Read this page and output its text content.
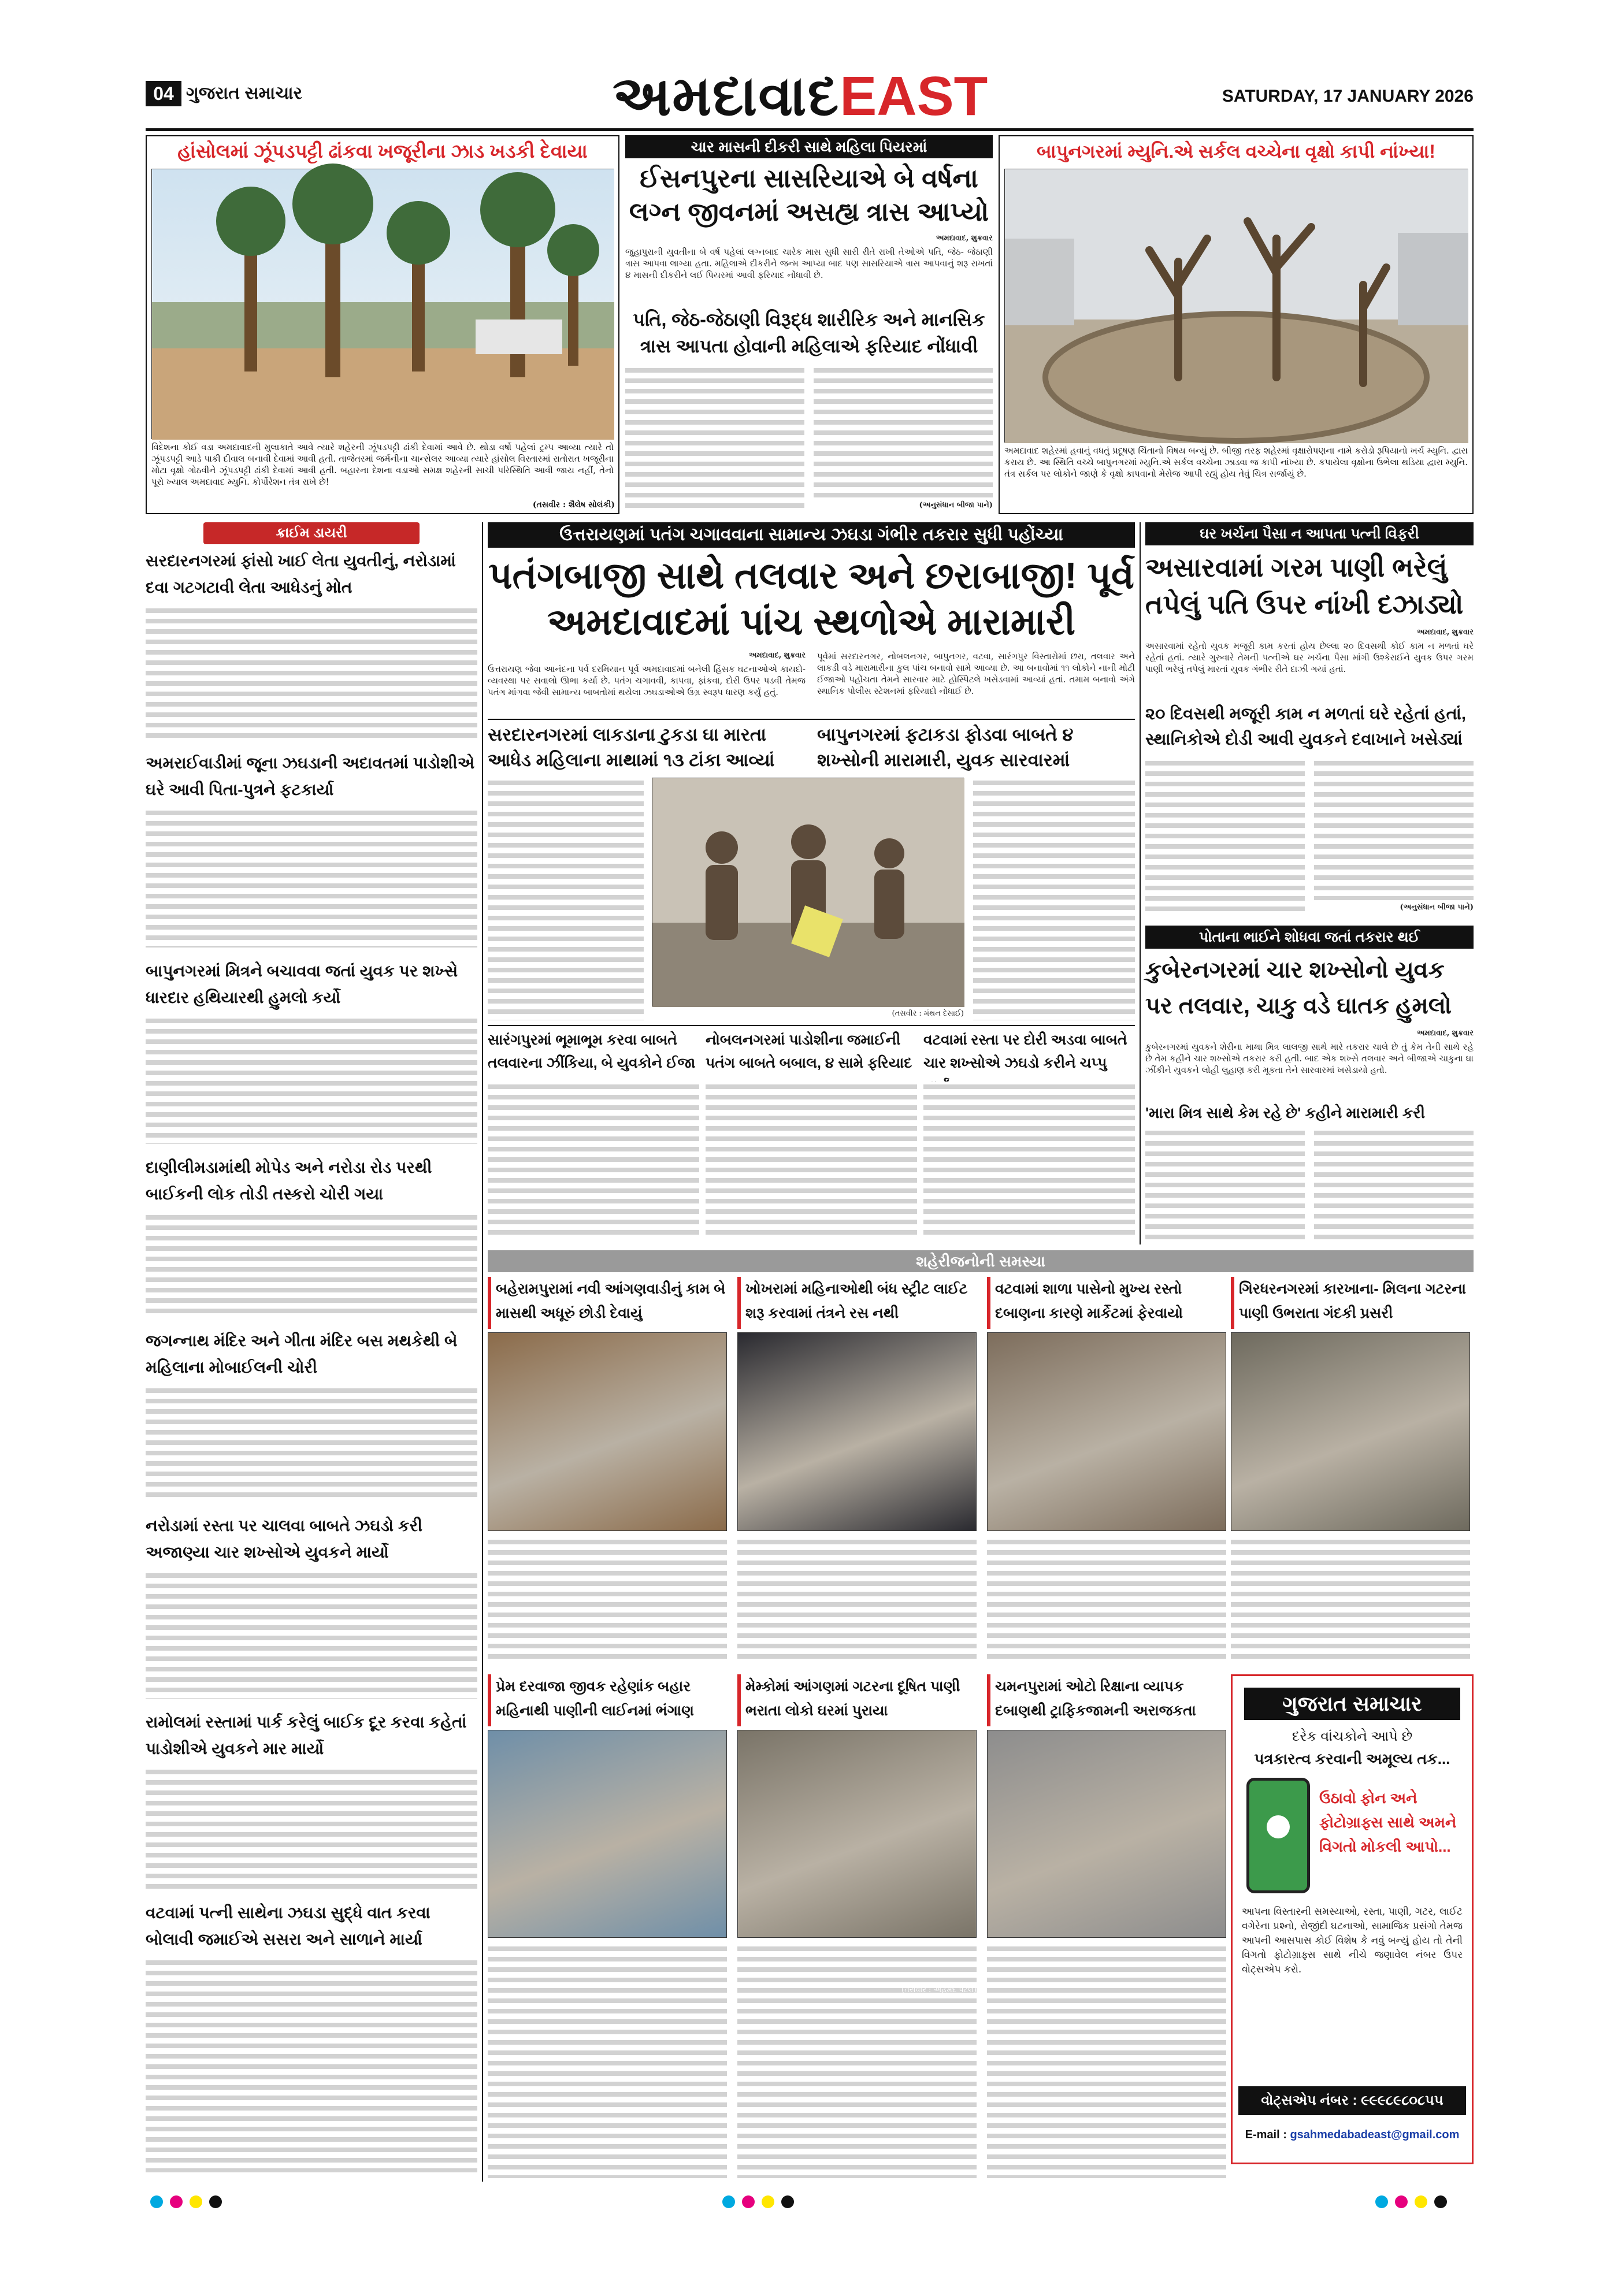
04 ગુજરાત સમાચાર	અમદાવાદEAST	SATURDAY, 17 JANUARY 2026
હાંસોલમાં ઝૂંપડપટ્ટી ઢાંકવા ખજૂરીના ઝાડ ખડકી દેવાયા
વિદેશના કોઈ વડા અમદાવાદની મુલાકાતે આવે ત્યારે શહેરની ઝૂંપડપટ્ટી ઢાંકી દેવામાં આવે છે. થોડા વર્ષો પહેલાં ટ્રમ્પ આવ્યા ત્યારે તો ઝૂંપડપટ્ટી આડે પાકી દીવાલ બનાવી દેવામાં આવી હતી. તાજેતરમાં જર્મનીના ચાન્સેલર આવ્યા ત્યારે હાંસોલ વિસ્તારમાં રાતોરાત ખજૂરીના મોટા વૃક્ષો ગોઠવીને ઝૂંપડપટ્ટી ઢાંકી દેવામાં આવી હતી. બહારના દેશના વડાઓ સમક્ષ શહેરની સાચી પરિસ્થિતિ આવી જાય નહીં, તેનો પૂરો ખ્યાલ અમદાવાદ મ્યુનિ. કોર્પોરેશન તંત્ર રાખે છે!
(તસવીર : શૈલેષ સોલંકી)
ચાર માસની દીકરી સાથે મહિલા પિયરમાં
ઈસનપુરના સાસરિયાએ બે વર્ષના લગ્ન જીવનમાં અસહ્ય ત્રાસ આપ્યો
અમદાવાદ, શુક્રવાર
જુહાપુરાની યુવતીના બે વર્ષ પહેલાં લગ્નબાદ ચારેક માસ સુધી સારી રીતે રાખી તેઓએ પતિ, જેઠ- જેઠાણી ત્રાસ આપવા લાગ્યા હતા. મહિલાએ દીકરીને જન્મ આપ્યા બાદ પણ સાસરિયાએ ત્રાસ આપવાનું શરૂ રાખતાં ૪ માસની દીકરીને લઈ પિયરમાં આવી ફરિયાદ નોંધાવી છે.
પતિ, જેઠ-જેઠાણી વિરૂદ્ધ શારીરિક અને માનસિક ત્રાસ આપતા હોવાની મહિલાએ ફરિયાદ નોંધાવી
(અનુસંધાન બીજા પાને)
બાપુનગરમાં મ્યુનિ.એ સર્કલ વચ્ચેના વૃક્ષો કાપી નાંખ્યા!
અમદાવાદ શહેરમાં હવાનું વધતું પ્રદૂષણ ચિંતાનો વિષય બન્યું છે. બીજી તરફ શહેરમાં વૃક્ષારોપણના નામે કરોડો રૂપિયાનો ખર્ચ મ્યુનિ. દ્વારા કરાય છે. આ સ્થિતિ વચ્ચે બાપુનગરમાં મ્યુનિ.એ સર્કલ વચ્ચેના ઝાડવા જ કાપી નાંખ્યા છે. કપાયેલા વૃક્ષોના ઉભેલા થડિયા દ્વારા મ્યુનિ. તંત્ર સર્કલ પર લોકોને જાણે કે વૃક્ષો કાપવાનો મેસેજ આપી રહ્યું હોય તેવું ચિત્ર સર્જાયું છે.
ક્રાઈમ ડાયરી
સરદારનગરમાં ફાંસો ખાઈ લેતા યુવતીનું, નરોડામાં દવા ગટગટાવી લેતા આધેડનું મોત
અમરાઈવાડીમાં જૂના ઝઘડાની અદાવતમાં પાડોશીએ ઘરે આવી પિતા-પુત્રને ફટકાર્યા
બાપુનગરમાં મિત્રને બચાવવા જતાં યુવક પર શખ્સે ધારદાર હથિયારથી હુમલો કર્યો
દાણીલીમડામાંથી મોપેડ અને નરોડા રોડ પરથી બાઈકની લોક તોડી તસ્કરો ચોરી ગયા
જગન્નાથ મંદિર અને ગીતા મંદિર બસ મથકેથી બે મહિલાના મોબાઈલની ચોરી
નરોડામાં રસ્તા પર ચાલવા બાબતે ઝઘડો કરી અજાણ્યા ચાર શખ્સોએ યુવકને માર્યો
રામોલમાં રસ્તામાં પાર્ક કરેલું બાઈક દૂર કરવા કહેતાં પાડોશીએ યુવકને માર માર્યો
વટવામાં પત્ની સાથેના ઝઘડા સુદ્ધે વાત કરવા બોલાવી જમાઈએ સસરા અને સાળાને માર્યા
ઉત્તરાયણમાં પતંગ ચગાવવાના સામાન્ય ઝઘડા ગંભીર તકરાર સુધી પહોંચ્યા
પતંગબાજી સાથે તલવાર અને છરાબાજી! પૂર્વ અમદાવાદમાં પાંચ સ્થળોએ મારામારી
અમદાવાદ, શુક્રવાર
ઉત્તરાયણ જેવા આનંદના પર્વ દરમિયાન પૂર્વ અમદાવાદમાં બનેલી હિંસક ઘટનાઓએ કાયદો-વ્યવસ્થા પર સવાલો ઊભા કર્યા છે. પતંગ ચગાવવી, કાપવા, ફાંકવા, દોરી ઉપર પડવી તેમજ પતંગ માંગવા જેવી સામાન્ય બાબતોમાં થયેલા ઝઘડાઓએ ઉગ્ર સ્વરૂપ ધારણ કર્યું હતું.
પૂર્વમાં સરદારનગર, નોબલનગર, બાપુનગર, વટવા, સારંગપુર વિસ્તારોમાં છરા, તલવાર અને લાકડી વડે મારામારીના કુલ પાંચ બનાવો સામે આવ્યા છે. આ બનાવોમાં ૧૧ લોકોને નાની મોટી ઈજાઓ પહોંચતા તેમને સારવાર માટે હોસ્પિટલે ખસેડવામાં આવ્યાં હતાં. તમામ બનાવો અંગે સ્થાનિક પોલીસ સ્ટેશનમાં ફરિયાદો નોંધાઈ છે.
સરદારનગરમાં લાકડાના ટુકડા ઘા મારતા આધેડ મહિલાના માથામાં ૧૩ ટાંકા આવ્યાં
બાપુનગરમાં ફટાકડા ફોડવા બાબતે ૪ શખ્સોની મારામારી, યુવક સારવારમાં
(તસવીર : મંથન દેસાઈ)
સારંગપુરમાં ભૂમાભૂમ કરવા બાબતે તલવારના ઝીંકિયા, બે યુવકોને ઈજા
નોબલનગરમાં પાડોશીના જમાઈની પતંગ બાબતે બબાલ, ૪ સામે ફરિયાદ
વટવામાં રસ્તા પર દોરી અડવા બાબતે ચાર શખ્સોએ ઝઘડો કરીને ચપ્પુ
ઘર ખર્ચના પૈસા ન આપતા પત્ની વિફરી
અસારવામાં ગરમ પાણી ભરેલું તપેલું પતિ ઉપર નાંખી દઝાડ્યો
અમદાવાદ, શુક્રવાર
અસારવામાં રહેતો યુવક મજૂરી કામ કરતાં હોય છેલ્લા ૨૦ દિવસથી કોઈ કામ ન મળતાં ઘરે રહેતાં હતાં. ત્યારે ગુરુવારે તેમની પત્નીએ ઘર ખર્ચના પૈસા માંગી ઉશ્કેરાઈને યુવક ઉપર ગરમ પાણી ભરેલું તપેલું મારતાં યુવક ગંભીર રીતે દાઝી ગયાં હતાં.
૨૦ દિવસથી મજૂરી કામ ન મળતાં ઘરે રહેતાં હતાં, સ્થાનિકોએ દોડી આવી યુવકને દવાખાને ખસેડ્યાં
(અનુસંધાન બીજા પાને)
પોતાના ભાઈને શોધવા જતાં તકરાર થઈ
કુબેરનગરમાં ચાર શખ્સોનો યુવક પર તલવાર, ચાકુ વડે ઘાતક હુમલો
અમદાવાદ, શુક્રવાર
કુબેરનગરમાં યુવકને શેરીના માથા મિત્ર લાલજી સાથે મારે તકરાર ચાલે છે તું કેમ તેની સાથે રહે છે તેમ કહીને ચાર શખ્સોએ તકરાર કરી હતી. બાદ એક શખ્સે તલવાર અને બીજાએ ચાકુના ઘા ઝીંકીને યુવકને લોહી લુહાણ કરી મૂકતા તેને સારવારમાં ખસેડાયો હતો.
'મારા મિત્ર સાથે કેમ રહે છે' કહીને મારામારી કરી
શહેરીજનોની સમસ્યા
બહેરામપુરામાં નવી આંગણવાડીનું કામ બે માસથી અધૂરું છોડી દેવાયું
ખોખરામાં મહિનાઓથી બંધ સ્ટ્રીટ લાઈટ શરૂ કરવામાં તંત્રને રસ નથી
વટવામાં શાળા પાસેનો મુખ્ય રસ્તો દબાણના કારણે માર્કેટમાં ફેરવાયો
ગિરધરનગરમાં કારખાના- મિલના ગટરના પાણી ઉભરાતા ગંદકી પ્રસરી
પ્રેમ દરવાજા જીવક રહેણાંક બહાર મહિનાથી પાણીની લાઈનમાં ભંગાણ
મેમ્કોમાં આંગણમાં ગટરના દૂષિત પાણી ભરાતા લોકો ઘરમાં પુરાયા
ચમનપુરામાં ઓટો રિક્ષાના વ્યાપક દબાણથી ટ્રાફિકજામની અરાજકતા
(તસવીર : અહેમદ પટેલ)
ગુજરાત સમાચાર
દરેક વાંચકોને આપે છે
પત્રકારત્વ કરવાની અમૂલ્ય તક...
ઉઠાવો ફોન અને ફોટોગ્રાફ્સ સાથે અમને વિગતો મોકલી આપો...
આપના વિસ્તારની સમસ્યાઓ, રસ્તા, પાણી, ગટર, લાઈટ વગેરેના પ્રશ્નો, રોજીંદી ઘટનાઓ, સામાજિક પ્રસંગો તેમજ આપની આસપાસ કોઈ વિશેષ કે નવું બન્યું હોય તો તેની વિગતો ફોટોગ્રાફ્સ સાથે નીચે જણાવેલ નંબર ઉપર વોટ્સએપ કરો.
વોટ્સએપ નંબર : ૯૯૯૮૯૮૦૮૫૫
E-mail : gsahmedabadeast@gmail.com
